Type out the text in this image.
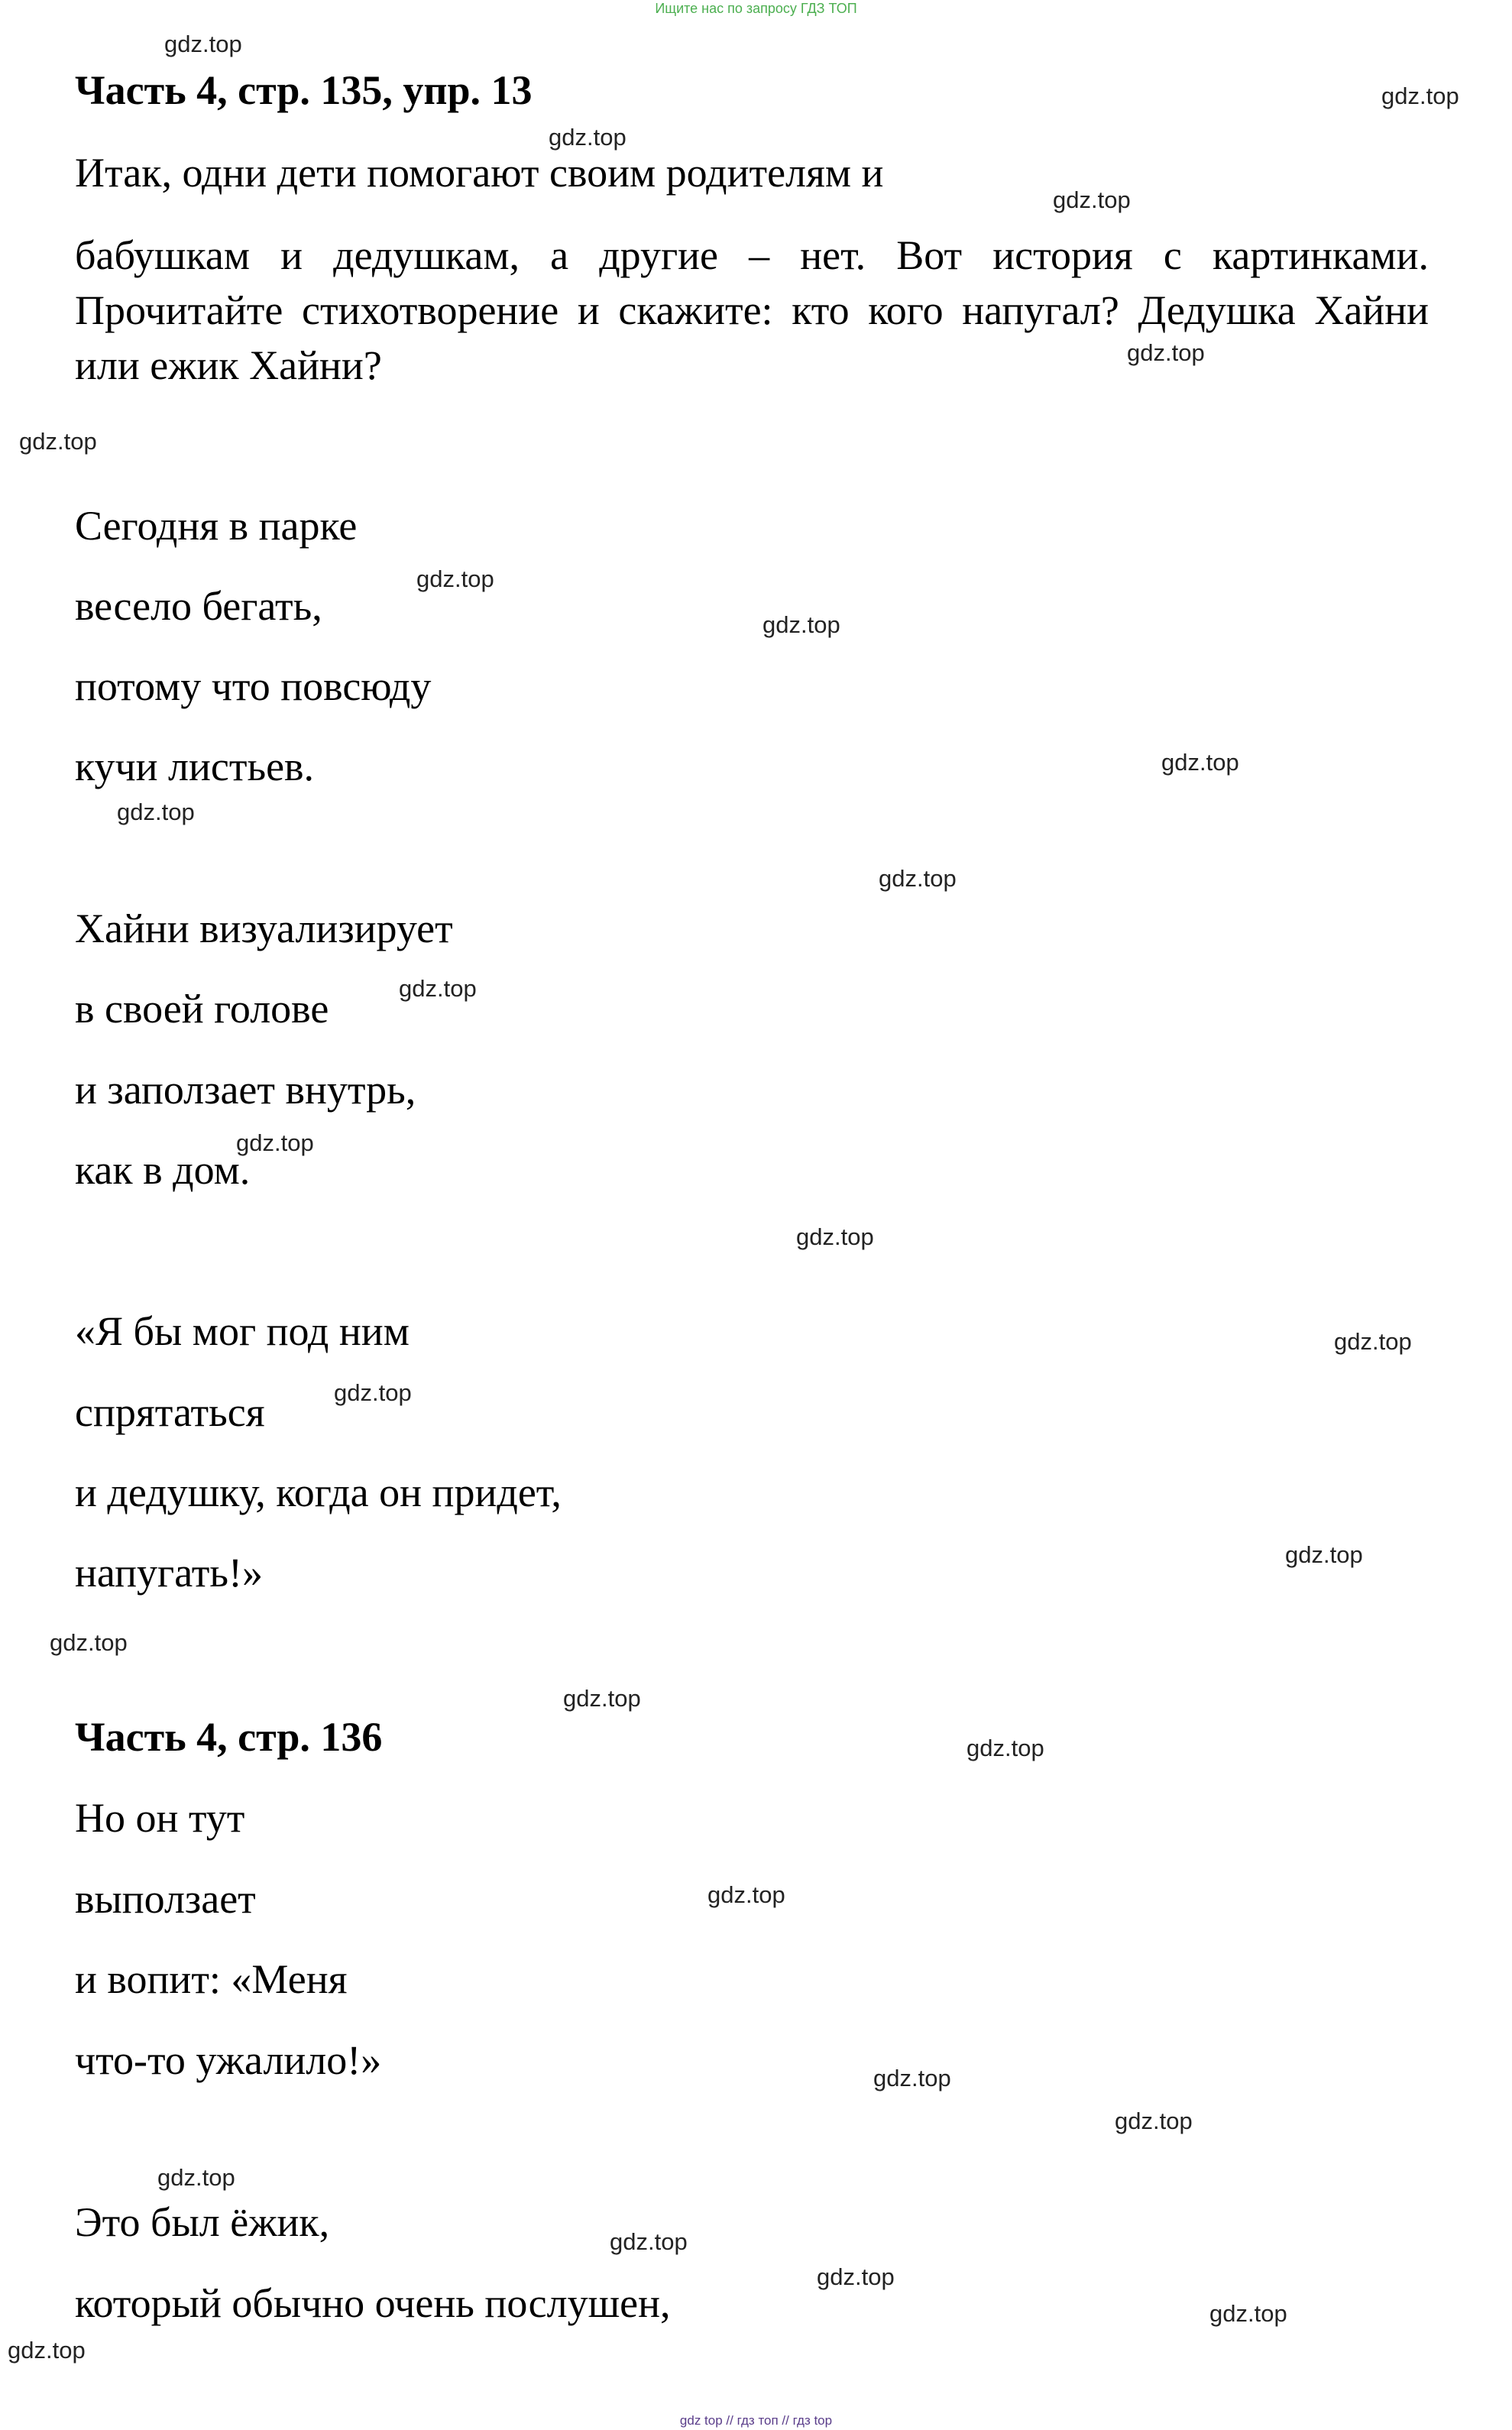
Ищите нас по запросу ГДЗ ТОП
Часть 4, стр. 135, упр. 13
Итак, одни дети помогают своим родителям и
бабушкам и дедушкам, а другие – нет. Вот история с картинками. Прочитайте стихотворение и скажите: кто кого напугал? Дедушка Хайни или ежик Хайни?
Сегодня в парке
весело бегать,
потому что повсюду
кучи листьев.
Хайни визуализирует
в своей голове
и заползает внутрь,
как в дом.
«Я бы мог под ним
спрятаться
и дедушку, когда он придет,
напугать!»
Часть 4, стр. 136
Но он тут
выползает
и вопит: «Меня
что-то ужалило!»
Это был ёжик,
который обычно очень послушен,
gdz.top
gdz.top
gdz.top
gdz.top
gdz.top
gdz.top
gdz.top
gdz.top
gdz.top
gdz.top
gdz.top
gdz.top
gdz.top
gdz.top
gdz.top
gdz.top
gdz.top
gdz.top
gdz.top
gdz.top
gdz.top
gdz.top
gdz.top
gdz.top
gdz.top
gdz.top
gdz.top
gdz.top
gdz top // гдз топ // гдз top
